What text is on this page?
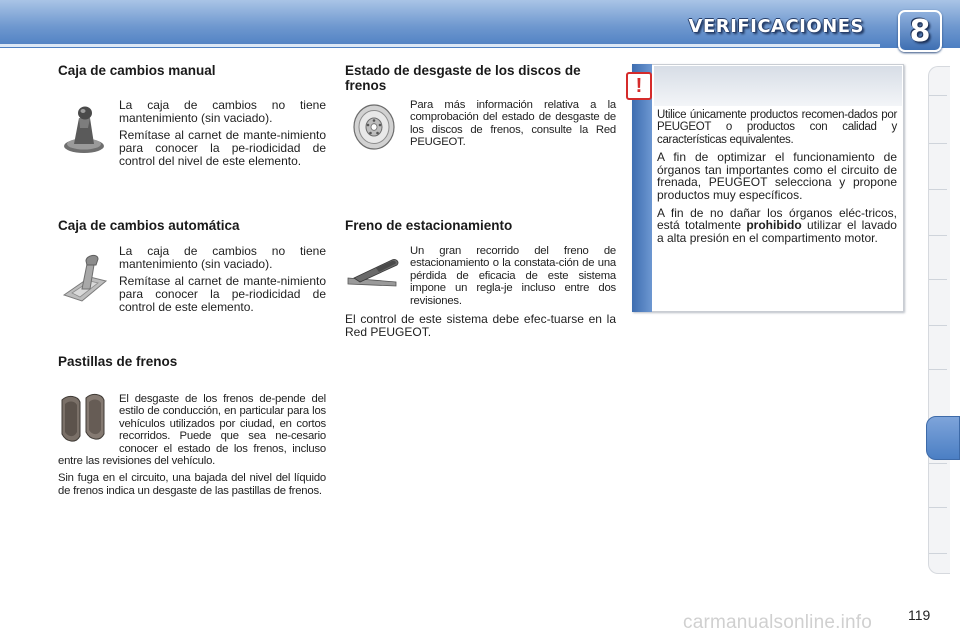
VERIFICACIONES	8
Caja de cambios manual

La caja de cambios no tiene mantenimiento (sin vaciado).

Remítase al carnet de mante-nimiento para conocer la pe-riodicidad de control del nivel de este elemento.

Caja de cambios automática

La caja de cambios no tiene mantenimiento (sin vaciado).

Remítase al carnet de mante-nimiento para conocer la pe-riodicidad de control de este elemento.

Pastillas de frenos

El desgaste de los frenos de-pende del estilo de conducción, en particular para los vehículos utilizados por ciudad, en cortos recorridos. Puede que sea ne-cesario conocer el estado de los frenos, incluso entre las revisiones del vehículo.

Sin fuga en el circuito, una bajada del nivel del líquido de frenos indica un desgaste de las pastillas de frenos.

Estado de desgaste de los discos de frenos

Para más información relativa a la comprobación del estado de desgaste de los discos de frenos, consulte la Red PEUGEOT.

Freno de estacionamiento

Un gran recorrido del freno de estacionamiento o la constata-ción de una pérdida de eficacia de este sistema impone un regla-je incluso entre dos revisiones.

El control de este sistema debe efec-tuarse en la Red PEUGEOT.

!

Utilice únicamente productos recomen-dados por PEUGEOT o productos con calidad y características equivalentes.

A fin de optimizar el funcionamiento de órganos tan importantes como el circuito de frenada, PEUGEOT selecciona y propone productos muy específicos.

A fin de no dañar los órganos eléc-tricos, está totalmente prohibido utilizar el lavado a alta presión en el compartimento motor.

carmanualsonline.info	119
